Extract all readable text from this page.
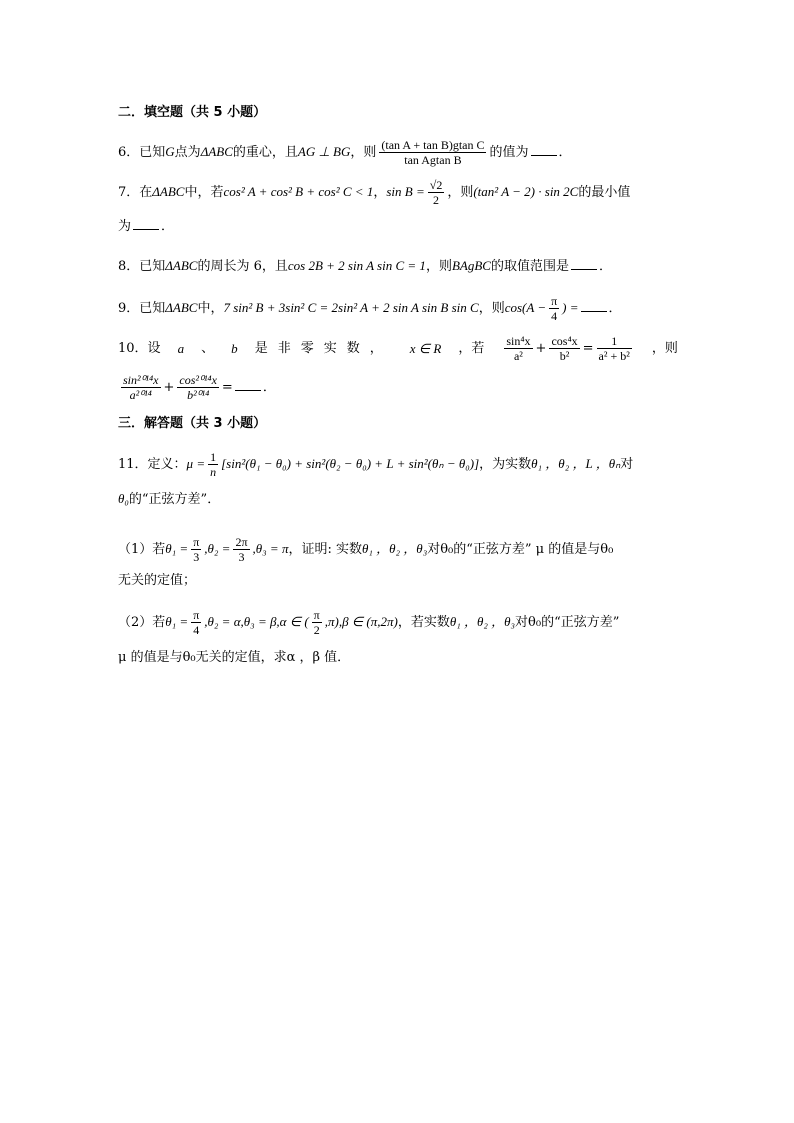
二．填空题（共 5 小题）
6．已知G点为ΔABC的重心，且AG ⊥ BG，则 $\frac{\text{(tan A + tan B)gtan C}}{\text{tan Agtan B}}$ 的值为 ．
7．在ΔABC中，若cos² A + cos² B + cos² C < 1，$\sin B = \frac{√2}{2}$ ，则(tan² A − 2) · sin 2C的最小值
为 ．
8．已知ΔABC的周长为 6，且cos 2B + 2 sin A sin C = 1，则BAgBC的取值范围是 ．
9．已知ΔABC中，7 sin² B + 3sin² C = 2sin² A + 2 sin A sin B sin C，则$\cos(A - \frac{\pi}{4}$ ) = ．
10．设 a 、 b 是非零实数， x ∈ R ，若 $\frac{\text{sin⁴x}}{\text{a²}} + \frac{\text{cos⁴x}}{\text{b²}} = \frac{1}{\text{a² + b²}}$ ，则
$\frac{\text{sin²⁰¹⁴x}}{\text{a²⁰¹⁴}} + \frac{\text{cos²⁰¹⁴x}}{\text{b²⁰¹⁴}}$ = ．
三．解答题（共 3 小题）
11．定义：$\mu = \frac{1}{n} [\sin^2(\theta_1 - \theta_0) + \sin^2(\theta_2 - \theta_0) + L + \sin^2(\theta_n - \theta_0)]$，为实数θ₁ ，θ₂ ，L ，θₙ对
θ₀的“正弦方差”．
（1）若$\theta_1 = \frac{\pi}{3} ,\theta_2 = \frac{2\pi}{3} ,\theta_3 = \pi$，证明: 实数θ₁ ，θ₂ ，θ₃对θ₀的“正弦方差” μ 的值是与θ₀
无关的定值；
（2）若$\theta_1 = \frac{\pi}{4} ,\theta_2 = \alpha,\theta_3 = \beta,\alpha$ ∈ ( $\frac{\pi}{2} ,\pi),\beta$ ∈ (π,2π)，若实数θ₁ ，θ₂ ，θ₃对θ₀的“正弦方差”
μ 的值是与θ₀无关的定值，求α ，β 值．
